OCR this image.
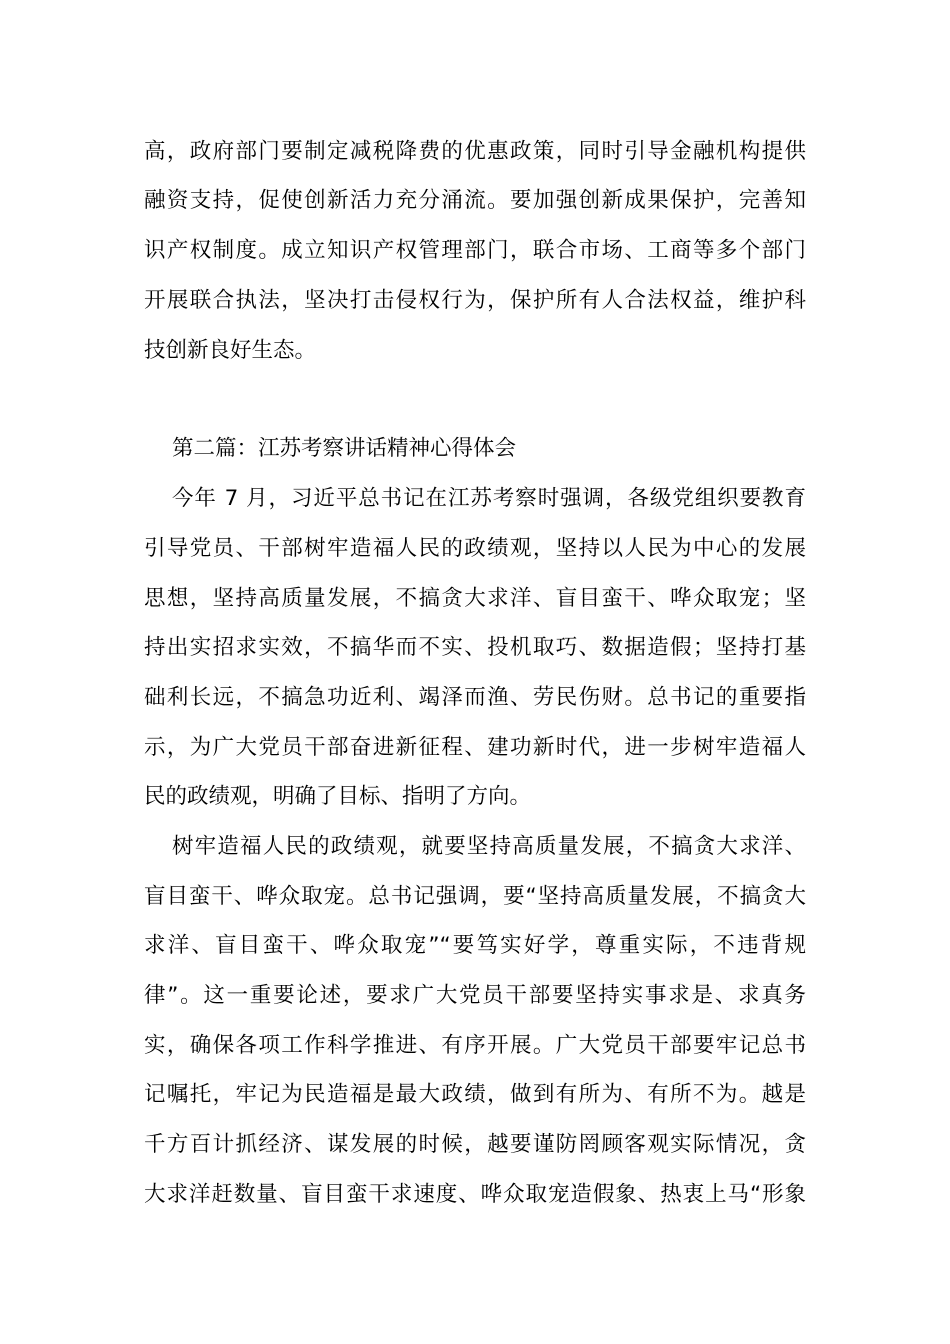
高，政府部门要制定减税降费的优惠政策，同时引导金融机构提供
融资支持，促使创新活力充分涌流。要加强创新成果保护，完善知
识产权制度。成立知识产权管理部门，联合市场、工商等多个部门
开展联合执法，坚决打击侵权行为，保护所有人合法权益，维护科
技创新良好生态。
第二篇：江苏考察讲话精神心得体会
今年 7 月，习近平总书记在江苏考察时强调，各级党组织要教育
引导党员、干部树牢造福人民的政绩观，坚持以人民为中心的发展
思想，坚持高质量发展，不搞贪大求洋、盲目蛮干、哗众取宠；坚
持出实招求实效，不搞华而不实、投机取巧、数据造假；坚持打基
础利长远，不搞急功近利、竭泽而渔、劳民伤财。总书记的重要指
示，为广大党员干部奋进新征程、建功新时代，进一步树牢造福人
民的政绩观，明确了目标、指明了方向。
树牢造福人民的政绩观，就要坚持高质量发展，不搞贪大求洋、
盲目蛮干、哗众取宠。总书记强调，要“坚持高质量发展，不搞贪大
求洋、盲目蛮干、哗众取宠”“要笃实好学，尊重实际，不违背规
律”。这一重要论述，要求广大党员干部要坚持实事求是、求真务
实，确保各项工作科学推进、有序开展。广大党员干部要牢记总书
记嘱托，牢记为民造福是最大政绩，做到有所为、有所不为。越是
千方百计抓经济、谋发展的时候，越要谨防罔顾客观实际情况，贪
大求洋赶数量、盲目蛮干求速度、哗众取宠造假象、热衷上马“形象
